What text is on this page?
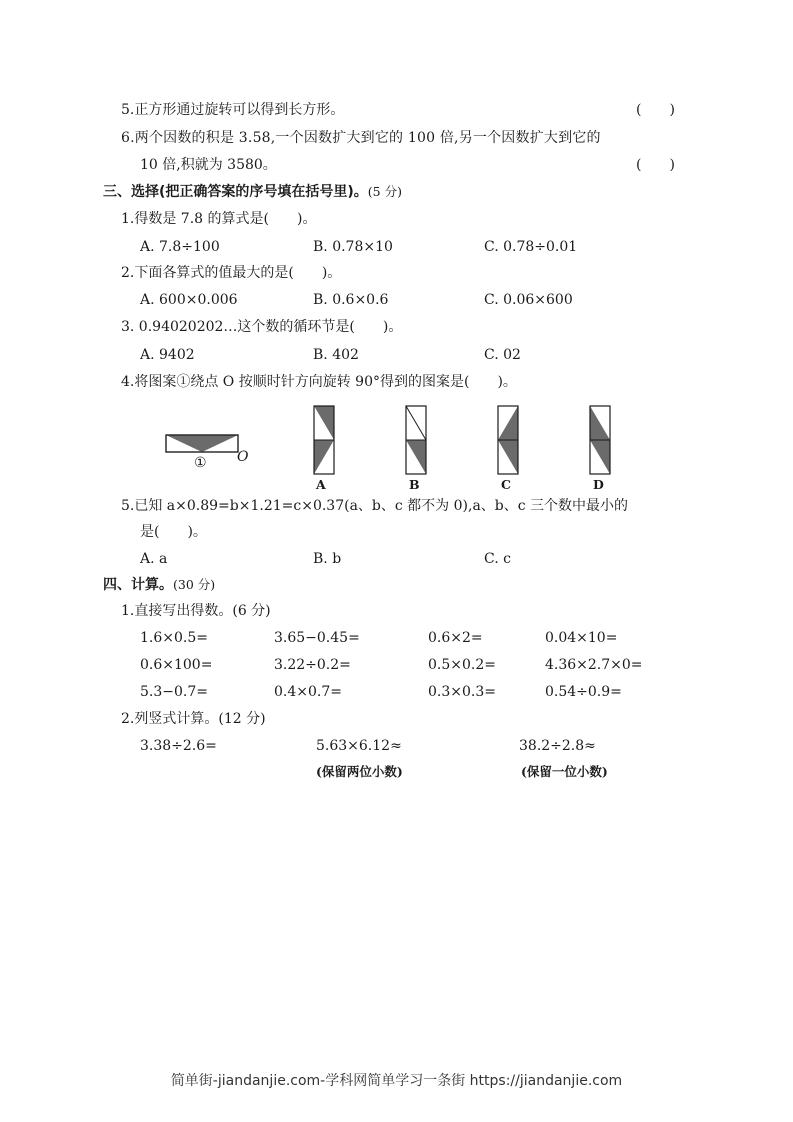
5.正方形通过旋转可以得到长方形。	(　　)
6.两个因数的积是 3.58,一个因数扩大到它的 100 倍,另一个因数扩大到它的
10 倍,积就为 3580。	(　　)
三、选择(把正确答案的序号填在括号里)。(5 分)
1.得数是 7.8 的算式是(　　)。
A. 7.8÷100	B. 0.78×10	C. 0.78÷0.01
2.下面各算式的值最大的是(　　)。
A. 600×0.006	B. 0.6×0.6	C. 0.06×600
3. 0.94020202…这个数的循环节是(　　)。
A. 9402	B. 402	C. 02
4.将图案①绕点 O 按顺时针方向旋转 90°得到的图案是(　　)。
① O
A	B	C	D
5.已知 a×0.89=b×1.21=c×0.37(a、b、c 都不为 0),a、b、c 三个数中最小的
是(　　)。
A. a	B. b	C. c
四、计算。(30 分)
1.直接写出得数。(6 分)
1.6×0.5=	3.65−0.45=	0.6×2=	0.04×10=
0.6×100=	3.22÷0.2=	0.5×0.2=	4.36×2.7×0=
5.3−0.7=	0.4×0.7=	0.3×0.3=	0.54÷0.9=
2.列竖式计算。(12 分)
3.38÷2.6=	5.63×6.12≈	38.2÷2.8≈
(保留两位小数)	(保留一位小数)
简单街-jiandanjie.com-学科网简单学习一条街 https://jiandanjie.com
